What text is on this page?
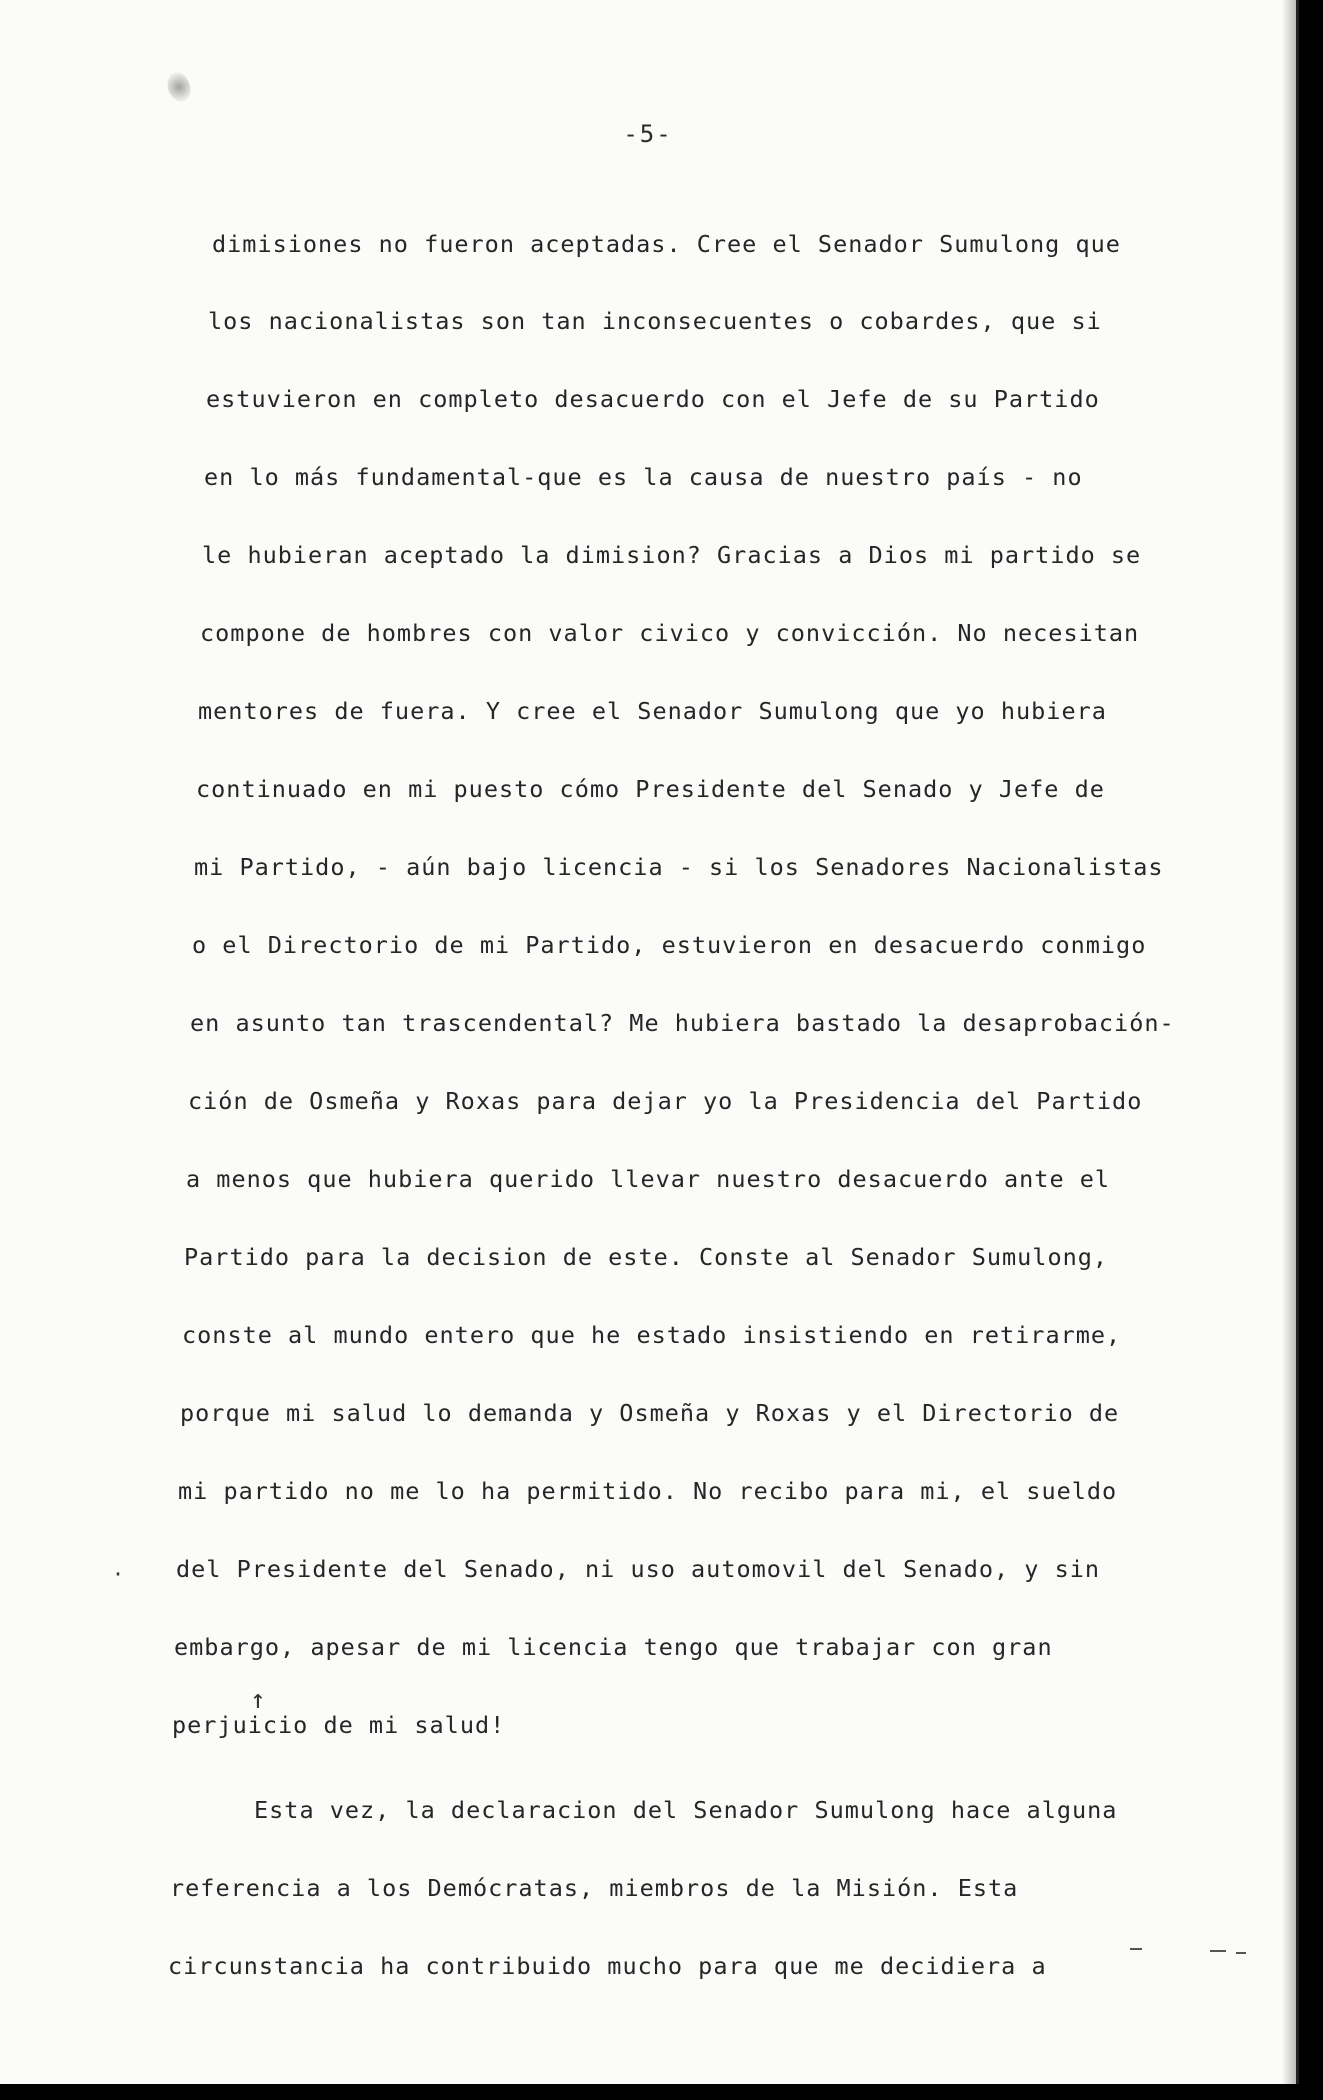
-5-
dimisiones no fueron aceptadas. Cree el Senador Sumulong que
los nacionalistas son tan inconsecuentes o cobardes, que si
estuvieron en completo desacuerdo con el Jefe de su Partido
en lo más fundamental-que es la causa de nuestro país - no
le hubieran aceptado la dimision? Gracias a Dios mi partido se
compone de hombres con valor civico y convicción. No necesitan
mentores de fuera. Y cree el Senador Sumulong que yo hubiera
continuado en mi puesto cómo Presidente del Senado y Jefe de
mi Partido, - aún bajo licencia - si los Senadores Nacionalistas
o el Directorio de mi Partido, estuvieron en desacuerdo conmigo
en asunto tan trascendental? Me hubiera bastado la desaprobación-
ción de Osmeña y Roxas para dejar yo la Presidencia del Partido
a menos que hubiera querido llevar nuestro desacuerdo ante el
Partido para la decision de este. Conste al Senador Sumulong,
conste al mundo entero que he estado insistiendo en retirarme,
porque mi salud lo demanda y Osmeña y Roxas y el Directorio de
mi partido no me lo ha permitido. No recibo para mi, el sueldo
del Presidente del Senado, ni uso automovil del Senado, y sin
embargo, apesar de mi licencia tengo que trabajar con gran
perjuicio de mi salud!
Esta vez, la declaracion del Senador Sumulong hace alguna
referencia a los Demócratas, miembros de la Misión. Esta
circunstancia ha contribuido mucho para que me decidiera a
·
↑
